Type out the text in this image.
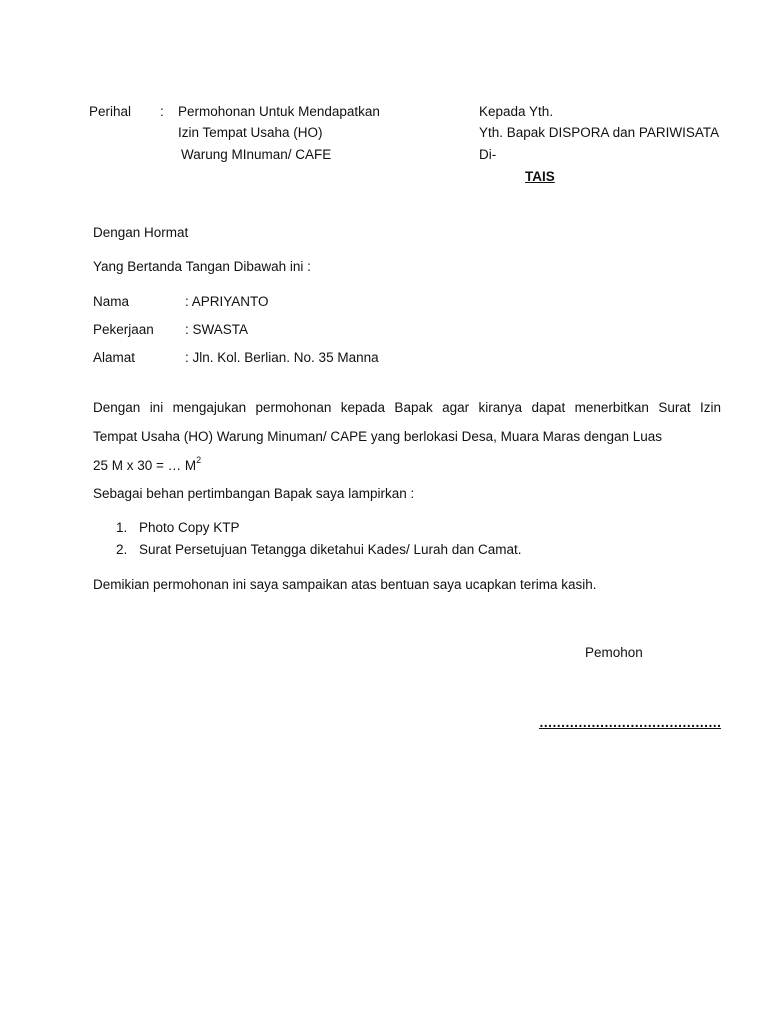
Perihal : Permohonan Untuk Mendapatkan
Izin Tempat Usaha (HO)
Warung MInuman/ CAFE
Kepada Yth.
Yth. Bapak DISPORA dan PARIWISATA
Di-
TAIS
Dengan Hormat
Yang Bertanda Tangan Dibawah ini :
Nama	: APRIYANTO
Pekerjaan : SWASTA
Alamat	: Jln. Kol. Berlian. No. 35 Manna
Dengan ini mengajukan permohonan kepada Bapak agar kiranya dapat menerbitkan Surat Izin
Tempat Usaha (HO) Warung Minuman/ CAPE yang berlokasi Desa, Muara Maras dengan Luas
25 M x 30 = … $M^2$
Sebagai behan pertimbangan Bapak saya lampirkan :
1. Photo Copy KTP
2. Surat Persetujuan Tetangga diketahui Kades/ Lurah dan Camat.
Demikian permohonan ini saya sampaikan atas bentuan saya ucapkan terima kasih.
Pemohon
……………………………………
